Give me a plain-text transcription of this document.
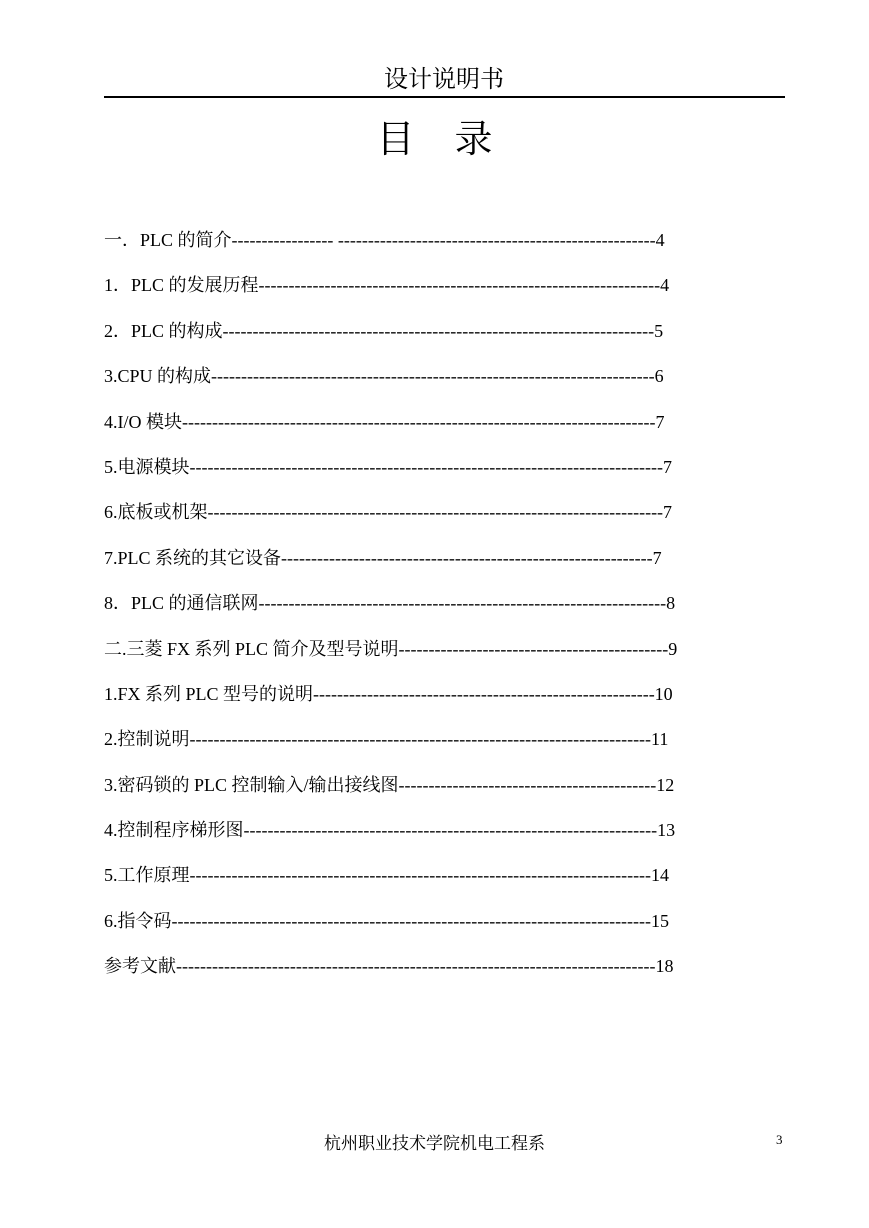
设计说明书
目录
一．PLC 的简介----------------- -----------------------------------------------------4
1．PLC 的发展历程-------------------------------------------------------------------4
2．PLC 的构成------------------------------------------------------------------------5
3.CPU 的构成--------------------------------------------------------------------------6
4.I/O 模块-------------------------------------------------------------------------------7
5.电源模块-------------------------------------------------------------------------------7
6.底板或机架----------------------------------------------------------------------------7
7.PLC 系统的其它设备--------------------------------------------------------------7
8．PLC 的通信联网--------------------------------------------------------------------8
二.三菱 FX 系列 PLC 简介及型号说明---------------------------------------------9
1.FX 系列 PLC 型号的说明---------------------------------------------------------10
2.控制说明-----------------------------------------------------------------------------11
3.密码锁的 PLC 控制输入/输出接线图-------------------------------------------12
4.控制程序梯形图---------------------------------------------------------------------13
5.工作原理-----------------------------------------------------------------------------14
6.指令码--------------------------------------------------------------------------------15
参考文献--------------------------------------------------------------------------------18
杭州职业技术学院机电工程系	3
